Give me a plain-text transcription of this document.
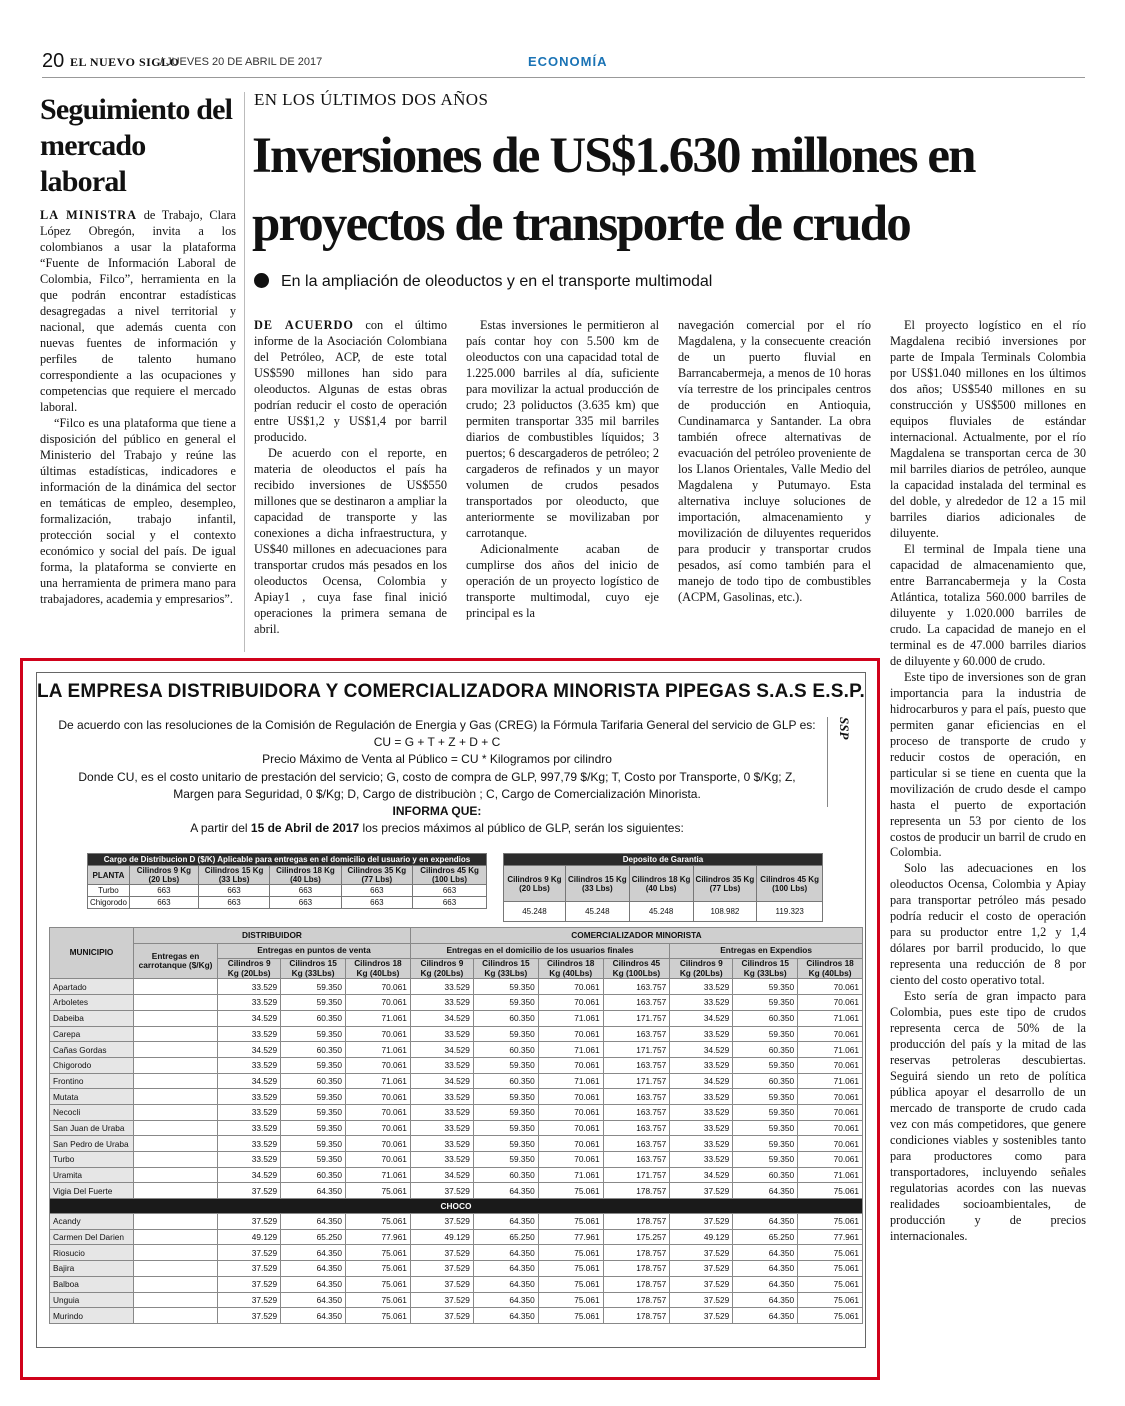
20 EL NUEVO SIGLO
/ JUEVES 20 DE ABRIL DE 2017	ECONOMÍA
Seguimiento del mercado laboral

LA MINISTRA de Trabajo, Clara López Obregón, invita a los colombianos a usar la plataforma “Fuente de Información Laboral de Colombia, Filco”, herramienta en la que podrán encontrar estadísticas desagregadas a nivel territorial y nacional, que además cuenta con nuevas fuentes de información y perfiles de talento humano correspondiente a las ocupaciones y competencias que requiere el mercado laboral.

“Filco es una plataforma que tiene a disposición del público en general el Ministerio del Trabajo y reúne las últimas estadísticas, indicadores e información de la dinámica del sector en temáticas de empleo, desempleo, formalización, trabajo infantil, protección social y el contexto económico y social del país. De igual forma, la plataforma se convierte en una herramienta de primera mano para trabajadores, academia y empresarios”.

EN LOS ÚLTIMOS DOS AÑOS
Inversiones de US$1.630 millones en proyectos de transporte de crudo
En la ampliación de oleoductos y en el transporte multimodal

DE ACUERDO con el último informe de la Asociación Colombiana del Petróleo, ACP, de este total US$590 millones han sido para oleoductos. Algunas de estas obras podrían reducir el costo de operación entre US$1,2 y US$1,4 por barril producido.

De acuerdo con el reporte, en materia de oleoductos el país ha recibido inversiones de US$550 millones que se destinaron a ampliar la capacidad de transporte y las conexiones a dicha infraestructura, y US$40 millones en adecuaciones para transportar crudos más pesados en los oleoductos Ocensa, Colombia y Apiay1 , cuya fase final inició operaciones la primera semana de abril.

Estas inversiones le permitieron al país contar hoy con 5.500 km de oleoductos con una capacidad total de 1.225.000 barriles al día, suficiente para movilizar la actual producción de crudo; 23 poliductos (3.635 km) que permiten transportar 335 mil barriles diarios de combustibles líquidos; 3 puertos; 6 descargaderos de petróleo; 2 cargaderos de refinados y un mayor volumen de crudos pesados transportados por oleoducto, que anteriormente se movilizaban por carrotanque.

Adicionalmente acaban de cumplirse dos años del inicio de operación de un proyecto logístico de transporte multimodal, cuyo eje principal es la

navegación comercial por el río Magdalena, y la consecuente creación de un puerto fluvial en Barrancabermeja, a menos de 10 horas vía terrestre de los principales centros de producción en Antioquia, Cundinamarca y Santander. La obra también ofrece alternativas de evacuación del petróleo proveniente de los Llanos Orientales, Valle Medio del Magdalena y Putumayo. Esta alternativa incluye soluciones de importación, almacenamiento y movilización de diluyentes requeridos para producir y transportar crudos pesados, así como también para el manejo de todo tipo de combustibles (ACPM, Gasolinas, etc.).

El proyecto logístico en el río Magdalena recibió inversiones por parte de Impala Terminals Colombia por US$1.040 millones en los últimos dos años; US$540 millones en su construcción y US$500 millones en equipos fluviales de estándar internacional. Actualmente, por el río Magdalena se transportan cerca de 30 mil barriles diarios de petróleo, aunque la capacidad instalada del terminal es del doble, y alrededor de 12 a 15 mil barriles diarios adicionales de diluyente.

El terminal de Impala tiene una capacidad de almacenamiento que, entre Barrancabermeja y la Costa Atlántica, totaliza 560.000 barriles de diluyente y 1.020.000 barriles de crudo. La capacidad de manejo en el terminal es de 47.000 barriles diarios de diluyente y 60.000 de crudo.

Este tipo de inversiones son de gran importancia para la industria de hidrocarburos y para el país, puesto que permiten ganar eficiencias en el proceso de transporte de crudo y reducir costos de operación, en particular si se tiene en cuenta que la movilización de crudo desde el campo hasta el puerto de exportación representa un 53 por ciento de los costos de producir un barril de crudo en Colombia.

Solo las adecuaciones en los oleoductos Ocensa, Colombia y Apiay para transportar petróleo más pesado podría reducir el costo de operación para su productor entre 1,2 y 1,4 dólares por barril producido, lo que representa una reducción de 8 por ciento del costo operativo total.

Esto sería de gran impacto para Colombia, pues este tipo de crudos representa cerca de 50% de la producción del país y la mitad de las reservas petroleras descubiertas. Seguirá siendo un reto de política pública apoyar el desarrollo de un mercado de transporte de crudo cada vez con más competidores, que genere condiciones viables y sostenibles tanto para productores como para transportadores, incluyendo señales regulatorias acordes con las nuevas realidades socioambientales, de producción y de precios internacionales.

LA EMPRESA DISTRIBUIDORA Y COMERCIALIZADORA MINORISTA PIPEGAS S.A.S E.S.P.
De acuerdo con las resoluciones de la Comisión de Regulación de Energia y Gas (CREG) la Fórmula Tarifaria General del servicio de GLP es:
CU = G + T + Z + D + C
Precio Máximo de Venta al Público = CU * Kilogramos por cilindro
Donde CU, es el costo unitario de prestación del servicio; G, costo de compra de GLP, 997,79 $/Kg; T, Costo por Transporte, 0 $/Kg; Z,
Margen para Seguridad, 0 $/Kg; D, Cargo de distribuciòn ; C, Cargo de Comercialización Minorista.
INFORMA QUE:
A partir del 15 de Abril de 2017 los precios máximos al público de GLP, serán los siguientes:
SSP
Cargo de Distribucion D ($/K) Aplicable para entregas en el domicilio del usuario y en expendios					
PLANTA	Cilindros 9 Kg (20 Lbs)	Cilindros 15 Kg (33 Lbs)	Cilindros 18 Kg (40 Lbs)	Cilindros 35 Kg (77 Lbs)	Cilindros 45 Kg (100 Lbs)
Turbo	663	663	663	663	663
Chigorodo	663	663	663	663	663
Deposito de Garantia				
Cilindros 9 Kg (20 Lbs)	Cilindros 15 Kg (33 Lbs)	Cilindros 18 Kg (40 Lbs)	Cilindros 35 Kg (77 Lbs)	Cilindros 45 Kg (100 Lbs)
45.248	45.248	45.248	108.982	119.323
MUNICIPIO	DISTRIBUIDOR				COMERCIALIZADOR MINORISTA						
	Entregas en carrotanque ($/Kg)	Entregas en puntos de venta			Entregas en el domicilio de los usuarios finales				Entregas en Expendios		
		Cilindros 9 Kg (20Lbs)	Cilindros 15 Kg (33Lbs)	Cilindros 18 Kg (40Lbs)	Cilindros 9 Kg (20Lbs)	Cilindros 15 Kg (33Lbs)	Cilindros 18 Kg (40Lbs)	Cilindros 45 Kg (100Lbs)	Cilindros 9 Kg (20Lbs)	Cilindros 15 Kg (33Lbs)	Cilindros 18 Kg (40Lbs)
Apartado		33.529	59.350	70.061	33.529	59.350	70.061	163.757	33.529	59.350	70.061
Arboletes		33.529	59.350	70.061	33.529	59.350	70.061	163.757	33.529	59.350	70.061
Dabeiba		34.529	60.350	71.061	34.529	60.350	71.061	171.757	34.529	60.350	71.061
Carepa		33.529	59.350	70.061	33.529	59.350	70.061	163.757	33.529	59.350	70.061
Cañas Gordas		34.529	60.350	71.061	34.529	60.350	71.061	171.757	34.529	60.350	71.061
Chigorodo		33.529	59.350	70.061	33.529	59.350	70.061	163.757	33.529	59.350	70.061
Frontino		34.529	60.350	71.061	34.529	60.350	71.061	171.757	34.529	60.350	71.061
Mutata		33.529	59.350	70.061	33.529	59.350	70.061	163.757	33.529	59.350	70.061
Necocli		33.529	59.350	70.061	33.529	59.350	70.061	163.757	33.529	59.350	70.061
San Juan de Uraba		33.529	59.350	70.061	33.529	59.350	70.061	163.757	33.529	59.350	70.061
San Pedro de Uraba		33.529	59.350	70.061	33.529	59.350	70.061	163.757	33.529	59.350	70.061
Turbo		33.529	59.350	70.061	33.529	59.350	70.061	163.757	33.529	59.350	70.061
Uramita		34.529	60.350	71.061	34.529	60.350	71.061	171.757	34.529	60.350	71.061
Vigia Del Fuerte		37.529	64.350	75.061	37.529	64.350	75.061	178.757	37.529	64.350	75.061
CHOCO											
Acandy		37.529	64.350	75.061	37.529	64.350	75.061	178.757	37.529	64.350	75.061
Carmen Del Darien		49.129	65.250	77.961	49.129	65.250	77.961	175.257	49.129	65.250	77.961
Riosucio		37.529	64.350	75.061	37.529	64.350	75.061	178.757	37.529	64.350	75.061
Bajira		37.529	64.350	75.061	37.529	64.350	75.061	178.757	37.529	64.350	75.061
Balboa		37.529	64.350	75.061	37.529	64.350	75.061	178.757	37.529	64.350	75.061
Unguia		37.529	64.350	75.061	37.529	64.350	75.061	178.757	37.529	64.350	75.061
Murindo		37.529	64.350	75.061	37.529	64.350	75.061	178.757	37.529	64.350	75.061
